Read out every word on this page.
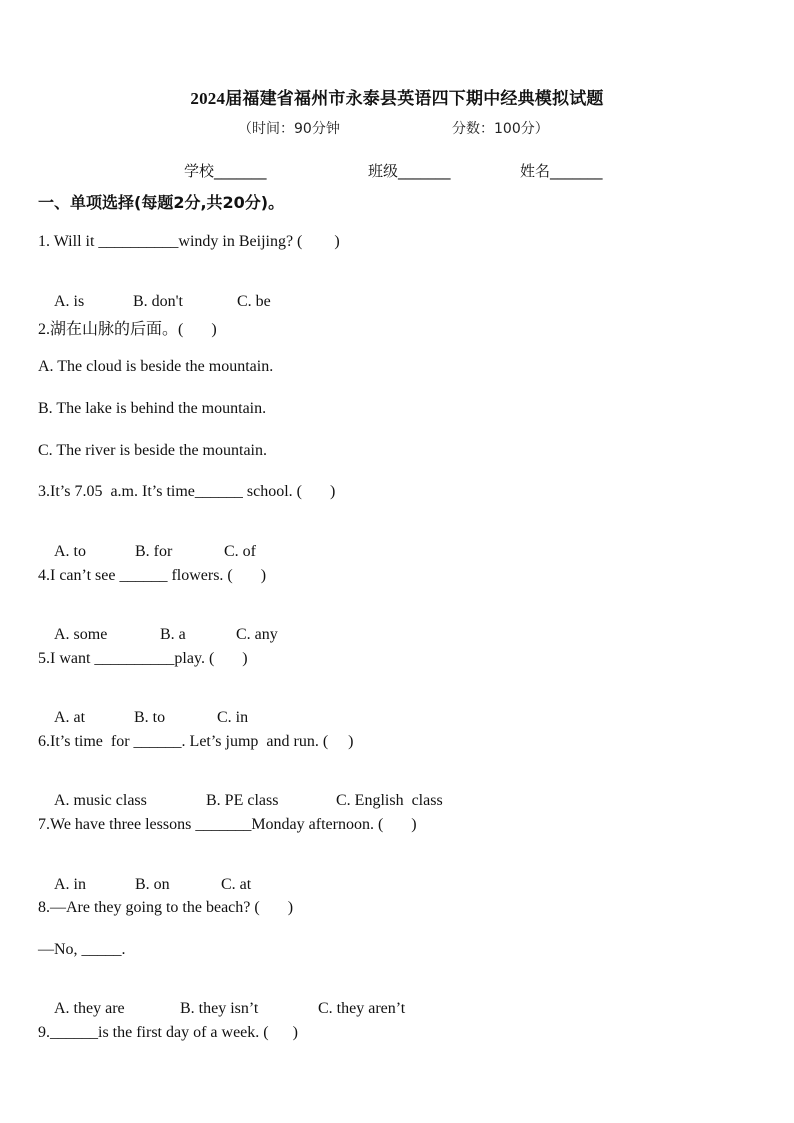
2024届福建省福州市永泰县英语四下期中经典模拟试题
（时间：90分钟	分数：100分）
学校_______	班级_______	姓名_______
一、单项选择(每题2分,共20分)。
1. Will it __________windy in Beijing? (        )

A. is	B. don't	C. be

2.湖在山脉的后面。(       )
A. The cloud is beside the mountain.
B. The lake is behind the mountain.
C. The river is beside the mountain.
3.It’s 7.05  a.m. It’s time______ school. (       )

A. to	B. for	C. of

4.I can’t see ______ flowers. (       )

A. some	B. a	C. any

5.I want __________play. (       )

A. at	B. to	C. in

6.It’s time  for ______. Let’s jump  and run. (     )

A. music class	B. PE class	C. English  class

7.We have three lessons _______Monday afternoon. (       )

A. in	B. on	C. at

8.—Are they going to the beach? (       )
—No, _____.

A. they are	B. they isn’t	C. they aren’t

9.______is the first day of a week. (      )
